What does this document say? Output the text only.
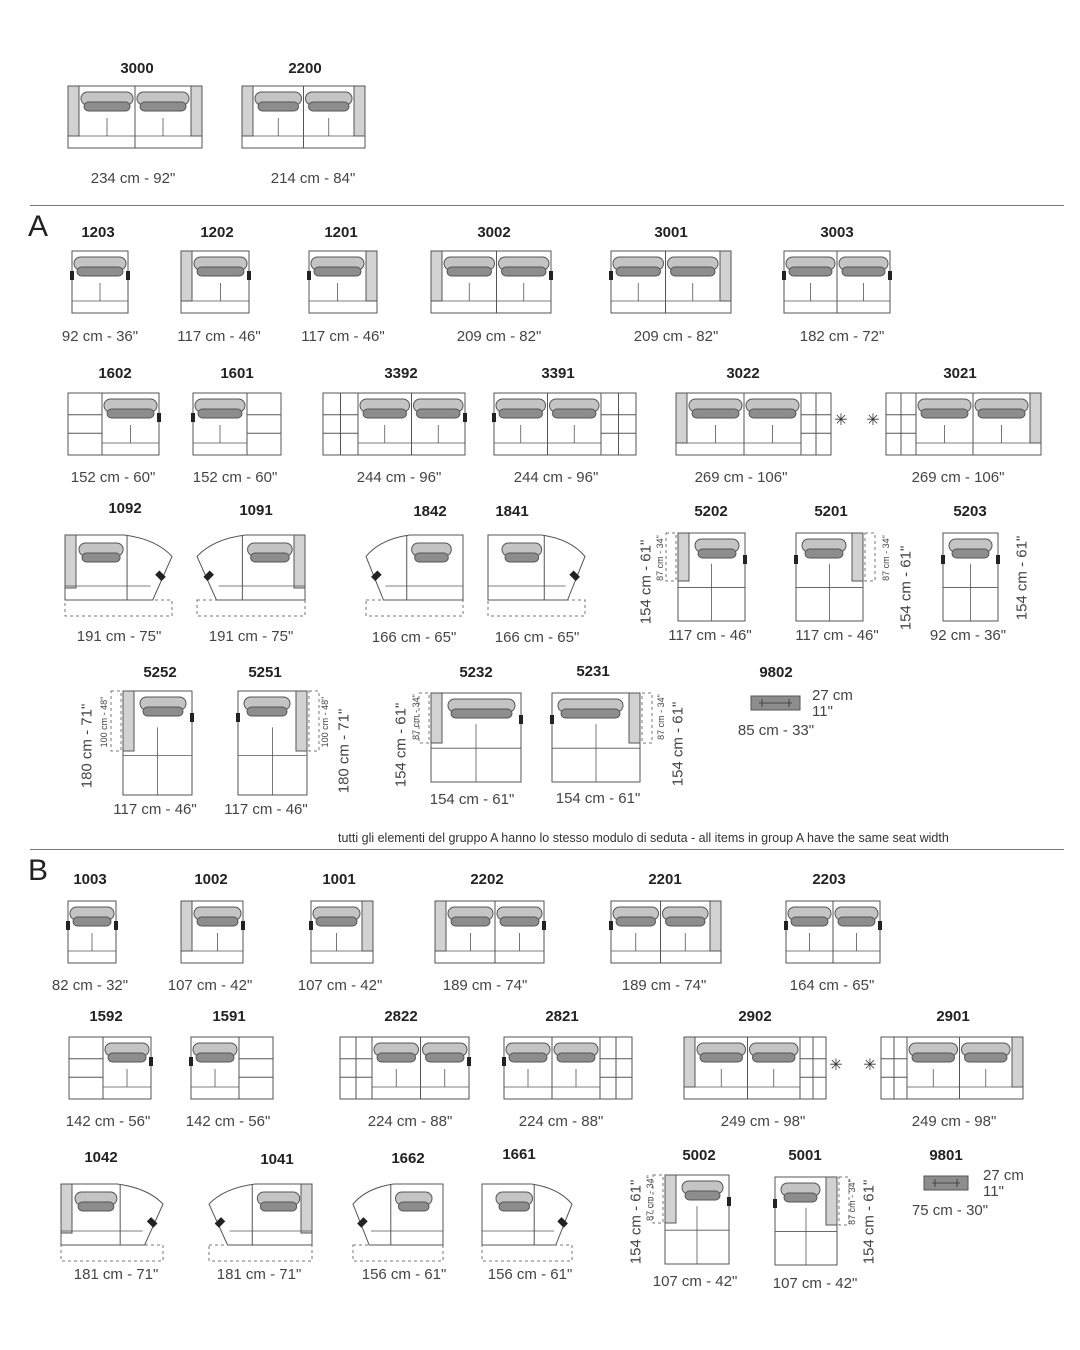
A
B
tutti gli elementi del gruppo A hanno lo stesso modulo di seduta - all items in group A have the same seat width
✳ ✳
✳ ✳
3000
234 cm - 92"
2200
214 cm - 84"
1203
92 cm - 36"
1202
117 cm - 46"
1201
117 cm - 46"
3002
209 cm - 82"
3001
209 cm - 82"
3003
182 cm - 72"
1602
152 cm - 60"
1601
152 cm - 60"
3392
244 cm - 96"
3391
244 cm - 96"
3022
269 cm - 106"
3021
269 cm - 106"
1092
191 cm - 75"
1091
191 cm - 75"
1842
166 cm - 65"
1841
166 cm - 65"
5202
117 cm - 46"
154 cm - 61" 87 cm - 34"
5201
117 cm - 46"
154 cm - 61"
87 cm - 34"
5203
92 cm - 36"
154 cm - 61"
5252
117 cm - 46"
180 cm - 71" 100 cm - 48"
5251
117 cm - 46"
180 cm - 71"
100 cm - 48"
5232
154 cm - 61"
154 cm - 61" 87 cm - 34"
5231
154 cm - 61"
154 cm - 61"
87 cm - 34"
9802
85 cm - 33"
27 cm
11"
1003
82 cm - 32"
1002
107 cm - 42"
1001
107 cm - 42"
2202
189 cm - 74"
2201
189 cm - 74"
2203
164 cm - 65"
1592
142 cm - 56"
1591
142 cm - 56"
2822
224 cm - 88"
2821
224 cm - 88"
2902
249 cm - 98"
2901
249 cm - 98"
1042
181 cm - 71"
1041
181 cm - 71"
1662
156 cm - 61"
1661
156 cm - 61"
5002
107 cm - 42"
154 cm - 61" 87 cm - 34"
5001
107 cm - 42"
154 cm - 61"
87 cm - 34"
9801
75 cm - 30"
27 cm
11"
